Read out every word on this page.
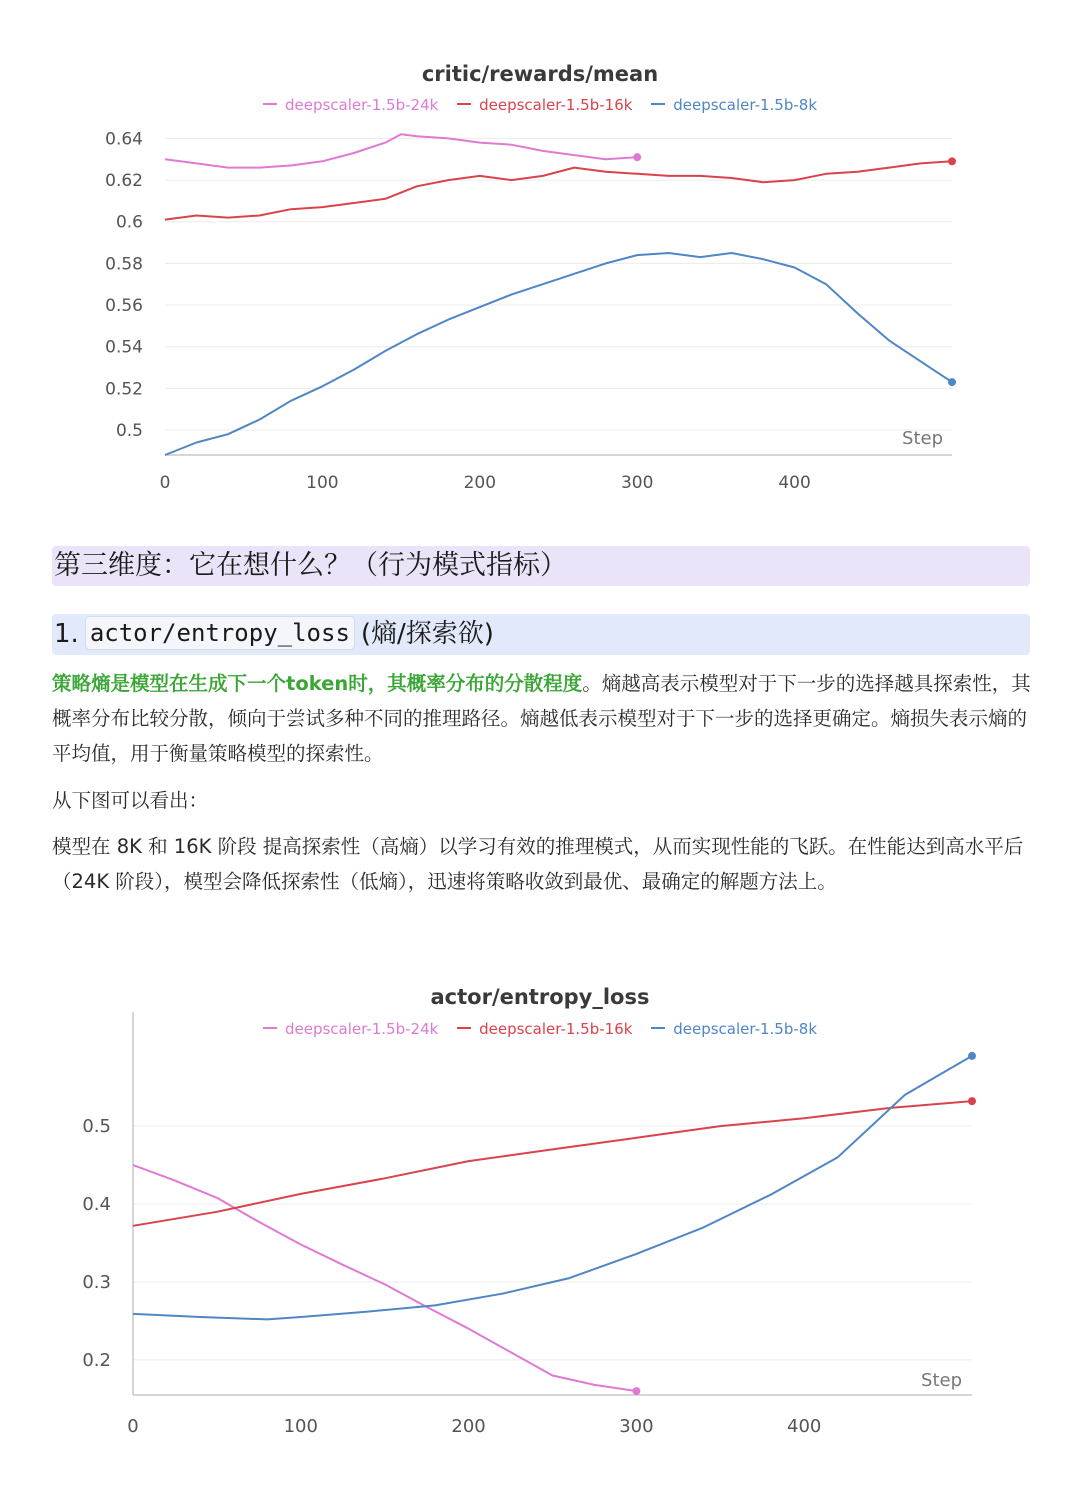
critic/rewards/mean
deepscaler-1.5b-24k	deepscaler-1.5b-16k	deepscaler-1.5b-8k
0.5
0.52
0.54
0.56
0.58
0.6
0.62
0.64
0	100	200	300	400
Step
第三维度：它在想什么？（行为模式指标）
1. actor/entropy_loss (熵/探索欲)
策略熵是模型在生成下一个token时，其概率分布的分散程度。熵越高表示模型对于下一步的选择越具探索性，其概率分布比较分散，倾向于尝试多种不同的推理路径。熵越低表示模型对于下一步的选择更确定。熵损失表示熵的平均值，用于衡量策略模型的探索性。
从下图可以看出：
模型在 8K 和 16K 阶段 提高探索性（高熵）以学习有效的推理模式，从而实现性能的飞跃。在性能达到高水平后（24K 阶段），模型会降低探索性（低熵），迅速将策略收敛到最优、最确定的解题方法上。
actor/entropy_loss
deepscaler-1.5b-24k	deepscaler-1.5b-16k	deepscaler-1.5b-8k
0.2
0.3
0.4
0.5
0	100	200	300	400
Step
